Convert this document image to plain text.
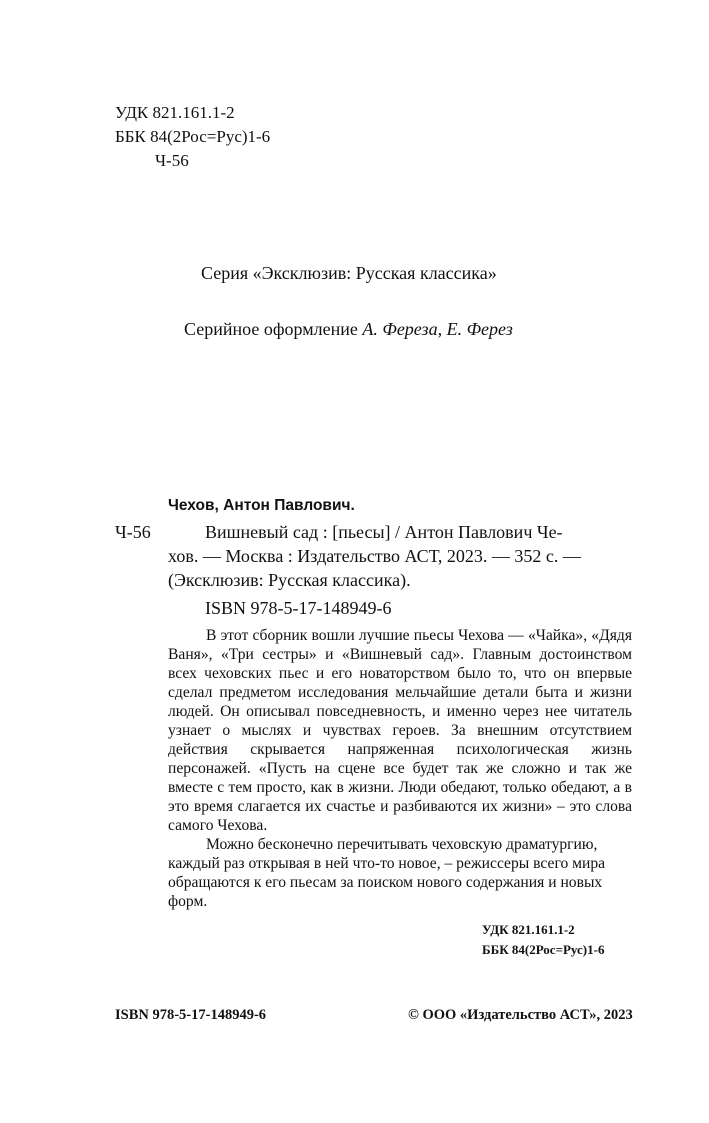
УДК 821.161.1-2
ББК 84(2Рос=Рус)1-6
Ч-56
Серия «Эксклюзив: Русская классика»
Серийное оформление А. Фереза, Е. Ферез
Чехов, Антон Павлович.
Ч-56	Вишневый сад : [пьесы] / Антон Павлович Че-
хов. — Москва : Издательство АСТ, 2023. — 352 с. —
(Эксклюзив: Русская классика).
ISBN 978-5-17-148949-6

В этот сборник вошли лучшие пьесы Чехова — «Чайка», «Дядя Ваня», «Три сестры» и «Вишневый сад». Главным достоинством всех чеховских пьес и его новаторством было то, что он впервые сделал предметом исследования мельчайшие детали быта и жизни людей. Он описывал повседневность, и именно через нее читатель узнает о мыслях и чувствах героев. За внешним отсутствием действия скрывается напряженная психологическая жизнь персонажей. «Пусть на сцене все будет так же сложно и так же вместе с тем просто, как в жизни. Люди обедают, только обедают, а в это время слагается их счастье и разбиваются их жизни» – это слова самого Чехова.

Можно бесконечно перечитывать чеховскую драматургию, каждый раз открывая в ней что-то новое, – режиссеры всего мира обращаются к его пьесам за поиском нового содержания и новых форм.

УДК 821.161.1-2
ББК 84(2Рос=Рус)1-6
ISBN 978-5-17-148949-6	© ООО «Издательство АСТ», 2023
